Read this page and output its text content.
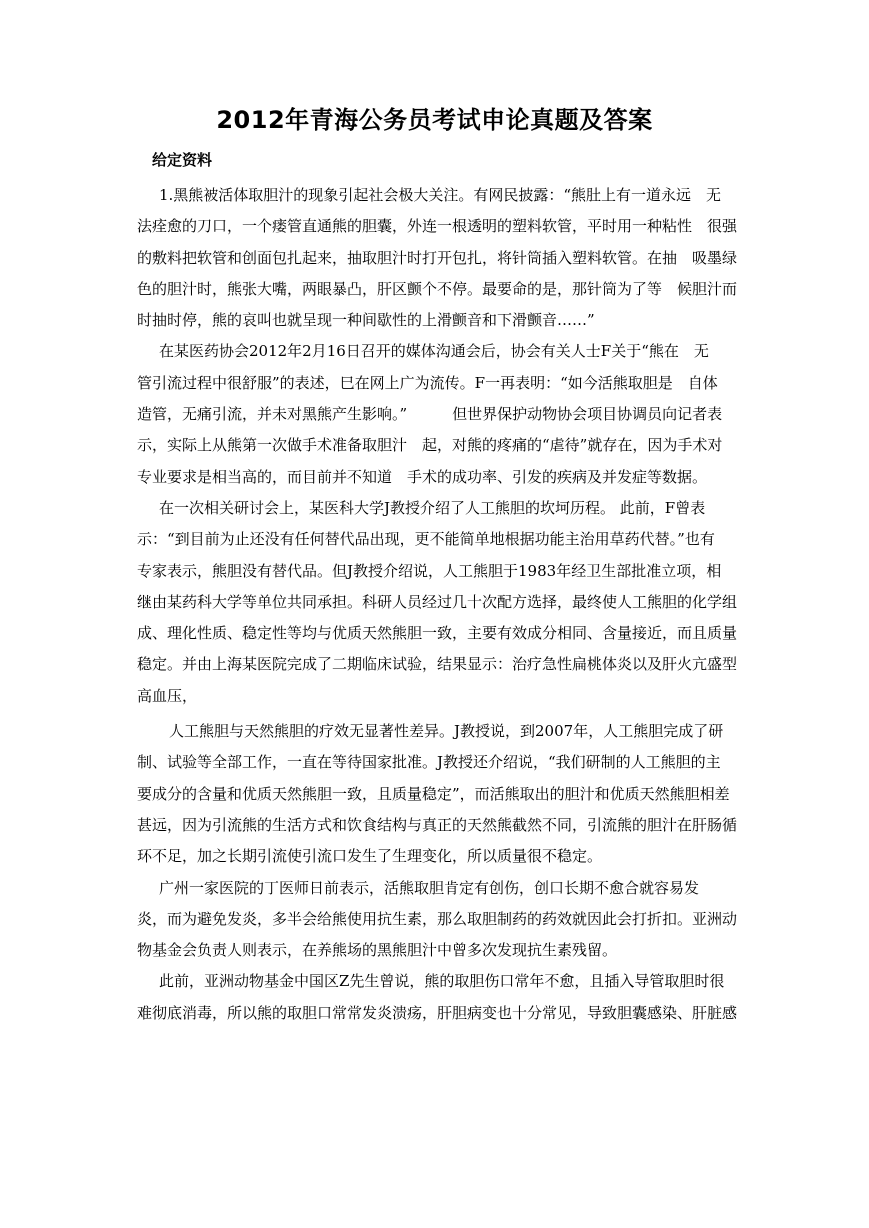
2012年青海公务员考试申论真题及答案
给定资料
1.黑熊被活体取胆汁的现象引起社会极大关注。有网民披露：“熊肚上有一道永远　无
法痊愈的刀口，一个瘘管直通熊的胆囊，外连一根透明的塑料软管，平时用一种粘性　很强
的敷料把软管和创面包扎起来，抽取胆汁时打开包扎，将针筒插入塑料软管。在抽　吸墨绿
色的胆汁时，熊张大嘴，两眼暴凸，肝区颤个不停。最要命的是，那针筒为了等　候胆汁而
时抽时停，熊的哀叫也就呈现一种间歇性的上滑颤音和下滑颤音……”
在某医药协会2012年2月16日召开的媒体沟通会后，协会有关人士F关于“熊在　无
管引流过程中很舒服”的表述，巳在网上广为流传。F一再表明：“如今活熊取胆是　自体
造管，无痛引流，并未对黑熊产生影响。”　　　但世界保护动物协会项目协调员向记者表
示，实际上从熊第一次做手术准备取胆汁　起，对熊的疼痛的“虐待”就存在，因为手术对
专业要求是相当高的，而目前并不知道　手术的成功率、引发的疾病及并发症等数据。
在一次相关研讨会上，某医科大学J教授介绍了人工熊胆的坎坷历程。 此前，F曾表
示：“到目前为止还没有任何替代品出现，更不能简单地根据功能主治用草药代替。”也有
专家表示，熊胆没有替代品。但J教授介绍说，人工熊胆于1983年经卫生部批准立项，相
继由某药科大学等单位共同承担。科研人员经过几十次配方选择，最终使人工熊胆的化学组
成、理化性质、稳定性等均与优质天然熊胆一致，主要有效成分相同、含量接近，而且质量
稳定。并由上海某医院完成了二期临床试验，结果显示：治疗急性扁桃体炎以及肝火亢盛型
高血压，
人工熊胆与天然熊胆的疗效无显著性差异。J教授说，到2007年，人工熊胆完成了研
制、试验等全部工作，一直在等待国家批准。J教授还介绍说，“我们研制的人工熊胆的主
要成分的含量和优质天然熊胆一致，且质量稳定”，而活熊取出的胆汁和优质天然熊胆相差
甚远，因为引流熊的生活方式和饮食结构与真正的天然熊截然不同，引流熊的胆汁在肝肠循
环不足，加之长期引流使引流口发生了生理变化，所以质量很不稳定。
广州一家医院的丁医师日前表示，活熊取胆肯定有创伤，创口长期不愈合就容易发
炎，而为避免发炎，多半会给熊使用抗生素，那么取胆制药的药效就因此会打折扣。亚洲动
物基金会负责人则表示，在养熊场的黑熊胆汁中曾多次发现抗生素残留。
此前，亚洲动物基金中国区Z先生曾说，熊的取胆伤口常年不愈，且插入导管取胆时很
难彻底消毒，所以熊的取胆口常常发炎溃疡，肝胆病变也十分常见，导致胆囊感染、肝脏感
